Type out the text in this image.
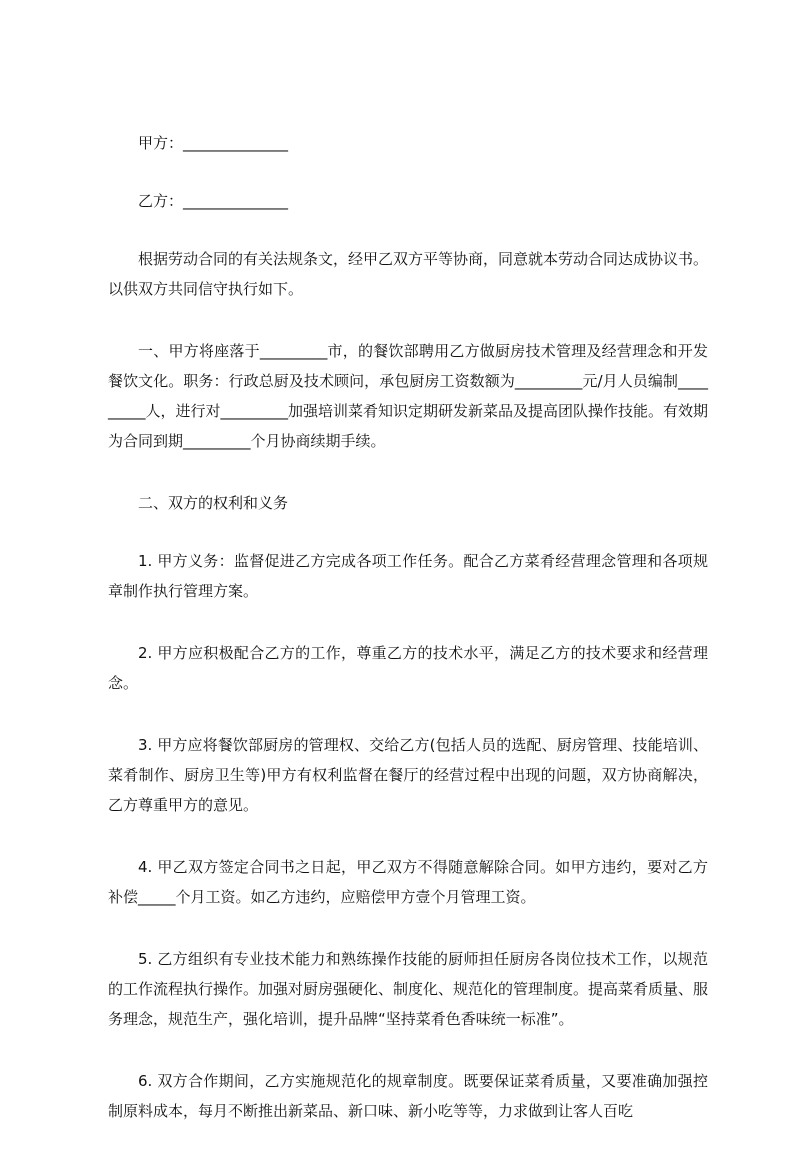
甲方：______________

乙方：______________

根据劳动合同的有关法规条文，经甲乙双方平等协商，同意就本劳动合同达成协议书。以供双方共同信守执行如下。

一、甲方将座落于_________市，的餐饮部聘用乙方做厨房技术管理及经营理念和开发餐饮文化。职务：行政总厨及技术顾问，承包厨房工资数额为_________元/月人员编制_________人，进行对_________加强培训菜肴知识定期研发新菜品及提高团队操作技能。有效期为合同到期_________个月协商续期手续。

二、双方的权利和义务

1. 甲方义务：监督促进乙方完成各项工作任务。配合乙方菜肴经营理念管理和各项规章制作执行管理方案。

2. 甲方应积极配合乙方的工作，尊重乙方的技术水平，满足乙方的技术要求和经营理念。

3. 甲方应将餐饮部厨房的管理权、交给乙方(包括人员的选配、厨房管理、技能培训、菜肴制作、厨房卫生等)甲方有权利监督在餐厅的经营过程中出现的问题，双方协商解决，乙方尊重甲方的意见。

4. 甲乙双方签定合同书之日起，甲乙双方不得随意解除合同。如甲方违约，要对乙方补偿_____个月工资。如乙方违约，应赔偿甲方壹个月管理工资。

5. 乙方组织有专业技术能力和熟练操作技能的厨师担任厨房各岗位技术工作，以规范的工作流程执行操作。加强对厨房强硬化、制度化、规范化的管理制度。提高菜肴质量、服务理念，规范生产，强化培训，提升品牌“坚持菜肴色香味统一标准”。

6. 双方合作期间，乙方实施规范化的规章制度。既要保证菜肴质量，又要准确加强控制原料成本，每月不断推出新菜品、新口味、新小吃等等，力求做到让客人百吃
